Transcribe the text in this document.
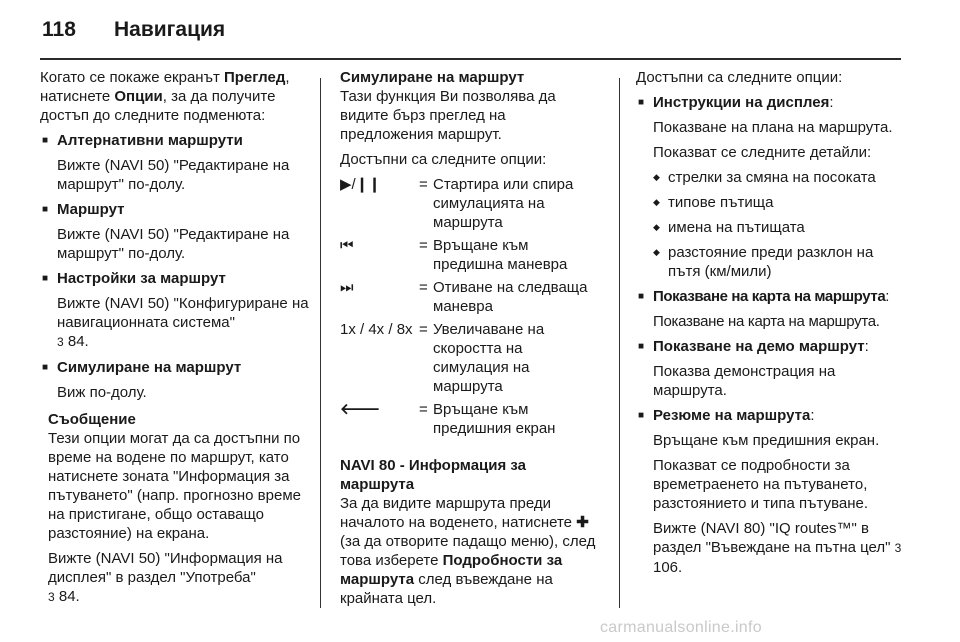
118 Навигация

Когато се покаже екранът Преглед, натиснете Опции, за да получите достъп до следните подменюта:

■ Алтернативни маршрути

Вижте (NAVI 50) "Редактиране на маршрут" по-долу.

■ Маршрут

Вижте (NAVI 50) "Редактиране на маршрут" по-долу.

■ Настройки за маршрут

Вижте (NAVI 50) "Конфигуриране на навигационната система"
3 84.

■ Симулиране на маршрут

Виж по-долу.

Съобщение

Тези опции могат да са достъпни по време на водене по маршрут, като натиснете зоната "Информация за пътуването" (напр. прогнозно време на пристигане, общо оставащо разстояние) на екрана.

Вижте (NAVI 50) "Информация на дисплея" в раздел "Употреба"
3 84.

Симулиране на маршрут

Тази функция Ви позволява да видите бърз преглед на предложения маршрут.

Достъпни са следните опции:

▶/❙❙	= Стартира или спира симулацията на маршрута
⏮	= Връщане към предишна маневра
⏭	= Отиване на следваща маневра
1x / 4x / 8x = Увеличаване на скоростта на симулация на маршрута
🡐	= Връщане към предишния екран
NAVI 80 - Информация за маршрута

За да видите маршрута преди началото на воденето, натиснете ✚ (за да отворите падащо меню), след това изберете Подробности за маршрута след въвеждане на крайната цел.

Достъпни са следните опции:

■ Инструкции на дисплея:

Показване на плана на маршрута.

Показват се следните детайли:

◆ стрелки за смяна на посоката
◆ типове пътища
◆ имена на пътищата
◆ разстояние преди разклон на пътя (км/мили)
■ Показване на карта на маршрута:

Показване на карта на маршрута.

■ Показване на демо маршрут:

Показва демонстрация на маршрута.

■ Резюме на маршрута:

Връщане към предишния екран.

Показват се подробности за времетраенето на пътуването, разстоянието и типа пътуване.

Вижте (NAVI 80) "IQ routes™" в раздел "Въвеждане на пътна цел" 3 106.

carmanualsonline.info
